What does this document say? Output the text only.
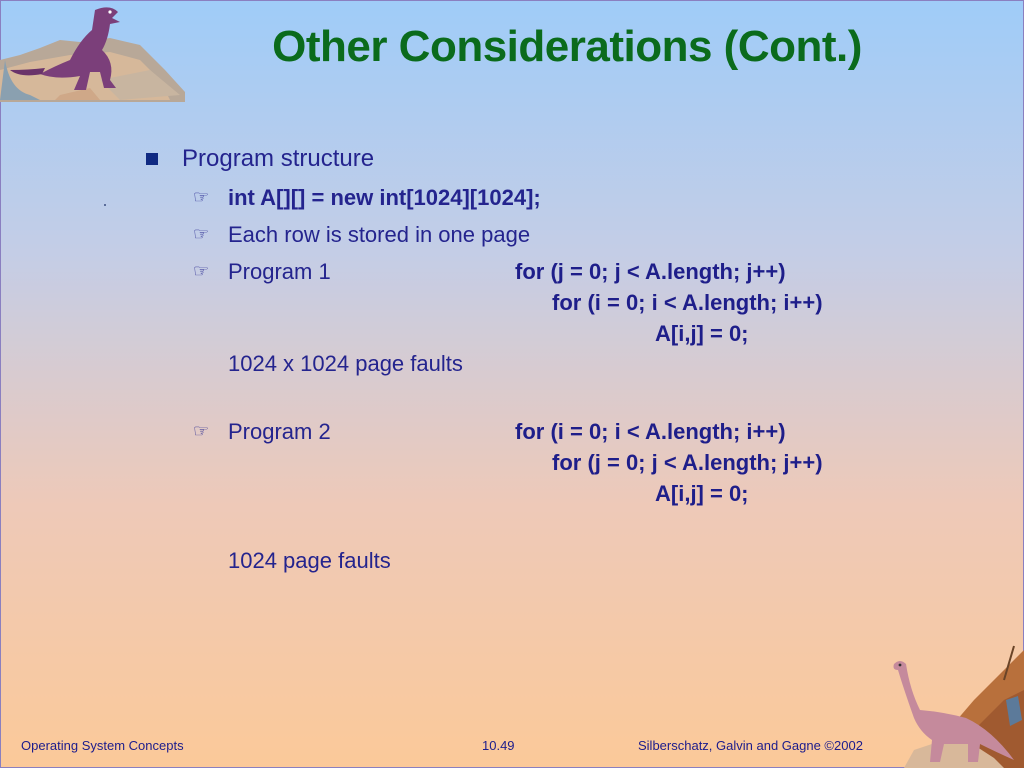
Other Considerations (Cont.)
Program structure
☞ int A[][] = new int[1024][1024];
☞ Each row is stored in one page
☞ Program 1	for (j = 0; j < A.length; j++)
for (i = 0; i < A.length; i++)
A[i,j] = 0;
1024 x 1024 page faults
☞ Program 2	for (i = 0; i < A.length; i++)
for (j = 0; j < A.length; j++)
A[i,j] = 0;
1024 page faults
Operating System Concepts	10.49	Silberschatz, Galvin and Gagne ©2002
